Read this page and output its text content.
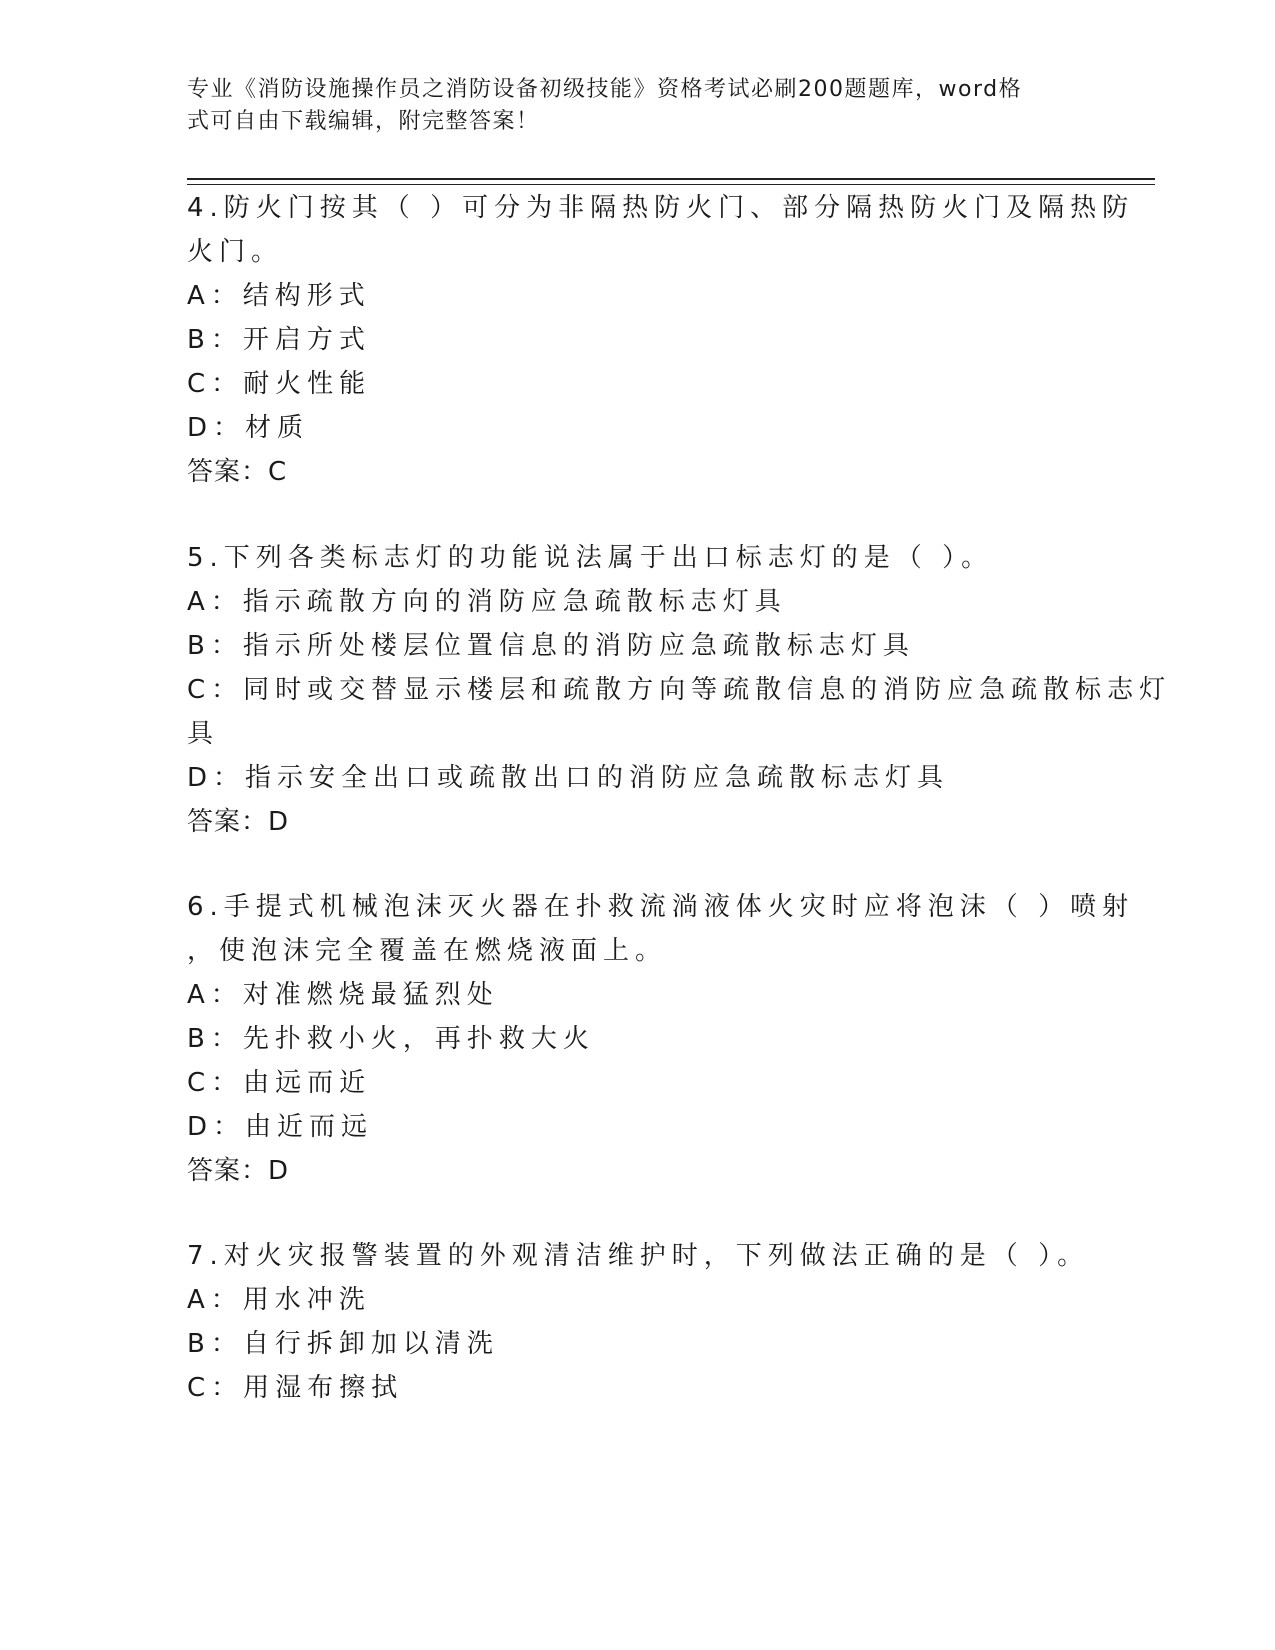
专业《消防设施操作员之消防设备初级技能》资格考试必刷200题题库，word格
式可自由下载编辑，附完整答案！
4.防火门按其（ ）可分为非隔热防火门、部分隔热防火门及隔热防
火门。
A：结构形式
B：开启方式
C：耐火性能
D：材质
答案：C
5.下列各类标志灯的功能说法属于出口标志灯的是（ ）。
A：指示疏散方向的消防应急疏散标志灯具
B：指示所处楼层位置信息的消防应急疏散标志灯具
C：同时或交替显示楼层和疏散方向等疏散信息的消防应急疏散标志灯
具
D：指示安全出口或疏散出口的消防应急疏散标志灯具
答案：D
6.手提式机械泡沫灭火器在扑救流淌液体火灾时应将泡沫（ ）喷射
，使泡沫完全覆盖在燃烧液面上。
A：对准燃烧最猛烈处
B：先扑救小火，再扑救大火
C：由远而近
D：由近而远
答案：D
7.对火灾报警装置的外观清洁维护时，下列做法正确的是（ ）。
A：用水冲洗
B：自行拆卸加以清洗
C：用湿布擦拭
